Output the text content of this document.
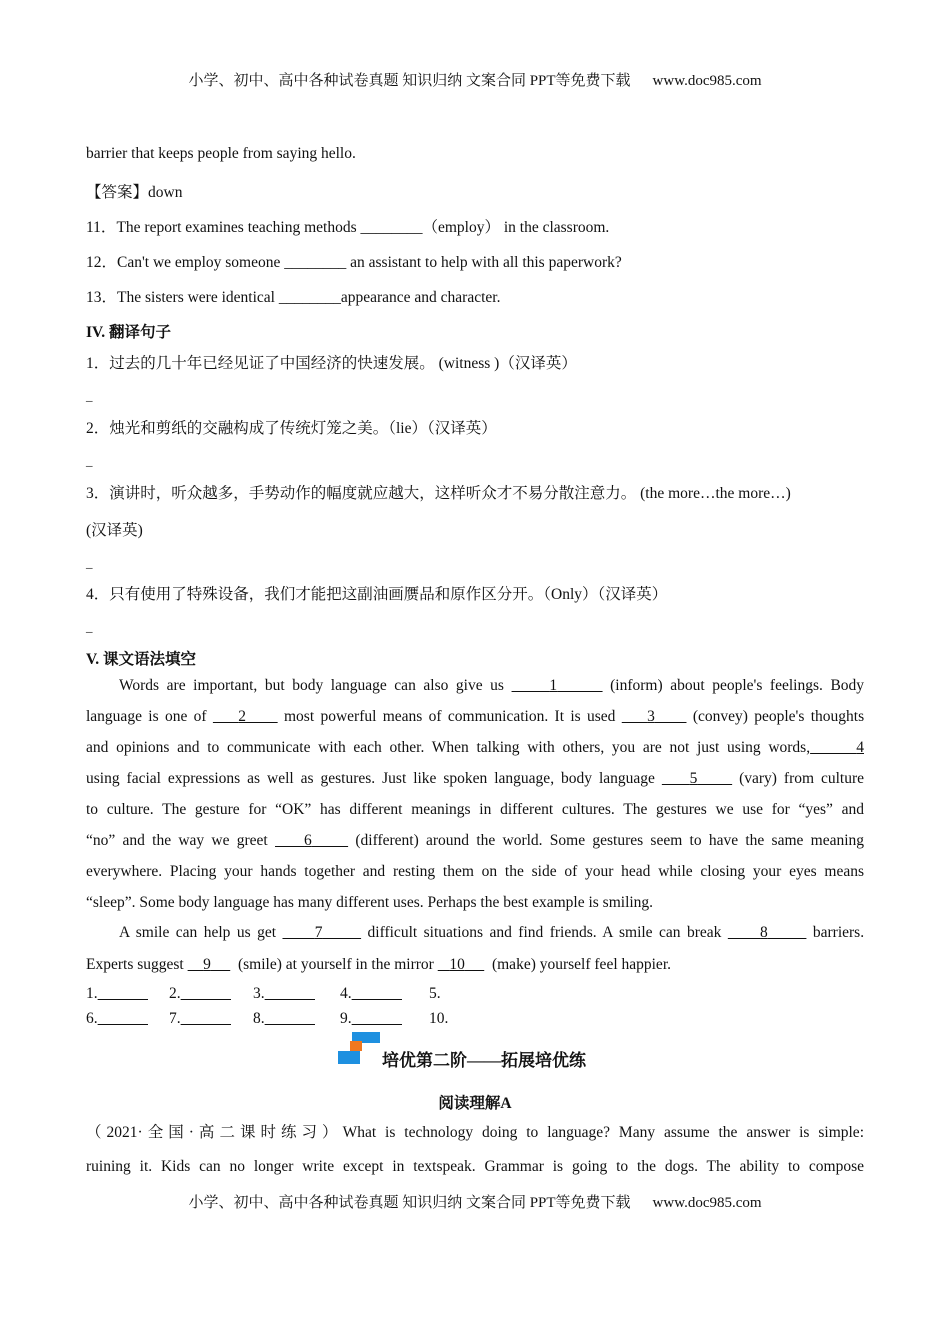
小学、初中、高中各种试卷真题 知识归纳 文案合同 PPT等免费下载 www.doc985.com
barrier that keeps people from saying hello.
【答案】down
11．The report examines teaching methods ________（employ） in the classroom.
12．Can't we employ someone ________ an assistant to help with all this paperwork?
13．The sisters were identical ________appearance and character.
IV. 翻译句子
1．过去的几十年已经见证了中国经济的快速发展。 (witness )（汉译英）
_
2．烛光和剪纸的交融构成了传统灯笼之美。（lie）（汉译英）
_
3．演讲时，听众越多，手势动作的幅度就应越大，这样听众才不易分散注意力。 (the more…the more…)
(汉译英)
_
4．只有使用了特殊设备，我们才能把这副油画赝品和原作区分开。（Only）（汉译英）
_
V. 课文语法填空
Words are important, but body language can also give us	1	(inform) about people's feelings. Body
language is one of 2 most powerful means of communication. It is used 3 (convey) people's thoughts
and opinions and to communicate with each other. When talking with others, you are not just using words,	4
using facial expressions as well as gestures. Just like spoken language, body language 5	(vary) from culture
to culture. The gesture for “OK” has different meanings in different cultures. The gestures we use for “yes” and
“no” and the way we greet 6	(different) around the world. Some gestures seem to have the same meaning
everywhere. Placing your hands together and resting them on the side of your head while closing your eyes means
“sleep”. Some body language has many different uses. Perhaps the best example is smiling.
A smile can help us get 7	difficult situations and find friends. A smile can break 8	barriers.
Experts suggest 9 (smile) at yourself in the mirror 10 (make) yourself feel happier.
1.	2.	3.	4.	5.
6.	7.	8.	9.	10.
培优第二阶——拓展培优练
阅读理解A
（2021·全国·高二课时练习）What is technology doing to language? Many assume the answer is simple:
ruining it. Kids can no longer write except in textspeak. Grammar is going to the dogs. The ability to compose
小学、初中、高中各种试卷真题 知识归纳 文案合同 PPT等免费下载 www.doc985.com
